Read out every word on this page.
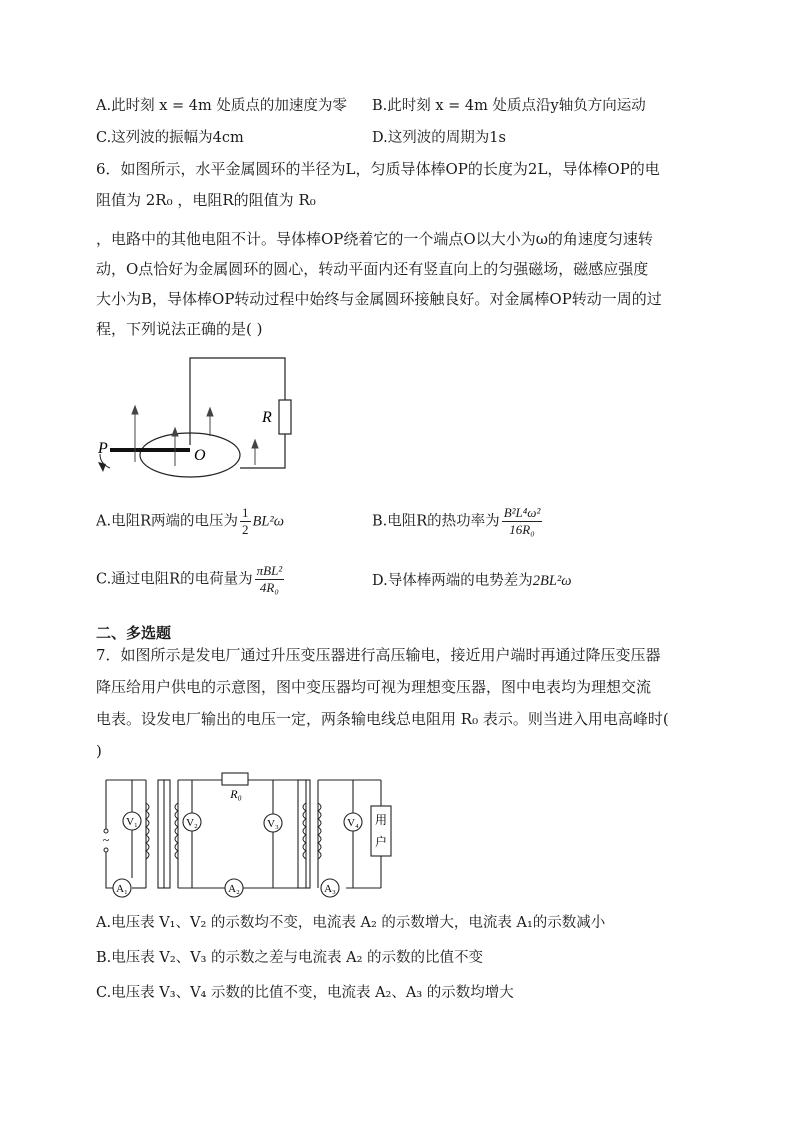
A.此时刻 x = 4m 处质点的加速度为零 B.此时刻 x = 4m 处质点沿y轴负方向运动
C.这列波的振幅为4cm	D.这列波的周期为1s
6．如图所示，水平金属圆环的半径为L，匀质导体棒OP的长度为2L，导体棒OP的电
阻值为 2R₀ ，电阻R的阻值为 R₀
，电路中的其他电阻不计。导体棒OP绕着它的一个端点O以大小为ω的角速度匀速转
动，O点恰好为金属圆环的圆心，转动平面内还有竖直向上的匀强磁场，磁感应强度
大小为B，导体棒OP转动过程中始终与金属圆环接触良好。对金属棒OP转动一周的过
程，下列说法正确的是( )
P	O
R
A.电阻R两端的电压为 $\frac{1}{2} BL^2\omega$	B.电阻R的热功率为 $\frac{\text{B²L⁴ω²}}{\text{16R₀}}$
C.通过电阻R的电荷量为 $\frac{\text{πBL²}}{\text{4R₀}}$	D.导体棒两端的电势差为2BL²ω
二、多选题
7．如图所示是发电厂通过升压变压器进行高压输电，接近用户端时再通过降压变压器
降压给用户供电的示意图，图中变压器均可视为理想变压器，图中电表均为理想交流
电表。设发电厂输出的电压一定，两条输电线总电阻用 R₀ 表示。则当进入用电高峰时(
)
V₁	V₂	V₃	V₄
A₁	A₂	A₃
R₀
用
户
~
A.电压表 V₁、V₂ 的示数均不变，电流表 A₂ 的示数增大，电流表 A₁的示数减小
B.电压表 V₂、V₃ 的示数之差与电流表 A₂ 的示数的比值不变
C.电压表 V₃、V₄ 示数的比值不变，电流表 A₂、A₃ 的示数均增大
